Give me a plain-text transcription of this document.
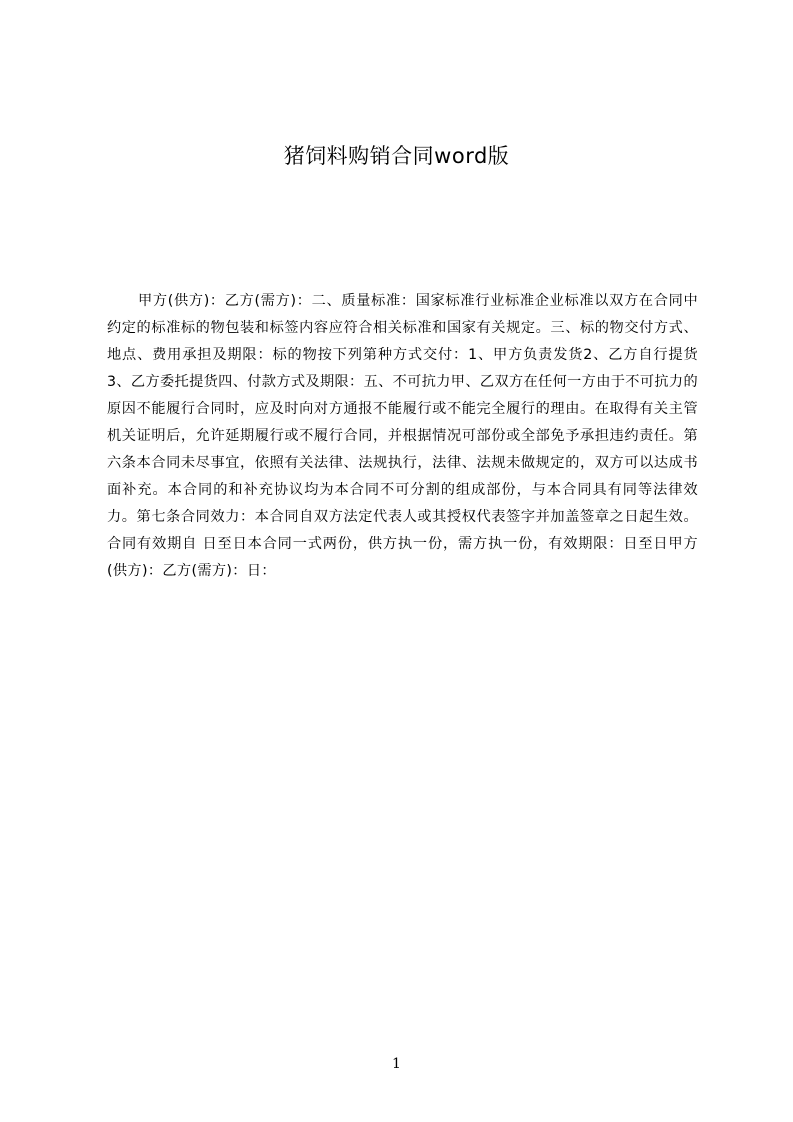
猪饲料购销合同word版

甲方(供方)：乙方(需方)：二、质量标准：国家标准行业标准企业标准以双方在合同中约定的标准标的物包装和标签内容应符合相关标准和国家有关规定。三、标的物交付方式、地点、费用承担及期限：标的物按下列第种方式交付：1、甲方负责发货2、乙方自行提货3、乙方委托提货四、付款方式及期限：五、不可抗力甲、乙双方在任何一方由于不可抗力的原因不能履行合同时，应及时向对方通报不能履行或不能完全履行的理由。在取得有关主管机关证明后，允许延期履行或不履行合同，并根据情况可部份或全部免予承担违约责任。第六条本合同未尽事宜，依照有关法律、法规执行，法律、法规未做规定的，双方可以达成书面补充。本合同的和补充协议均为本合同不可分割的组成部份，与本合同具有同等法律效力。第七条合同效力：本合同自双方法定代表人或其授权代表签字并加盖签章之日起生效。合同有效期自 日至日本合同一式两份，供方执一份，需方执一份，有效期限：日至日甲方(供方)：乙方(需方)：日：

1
